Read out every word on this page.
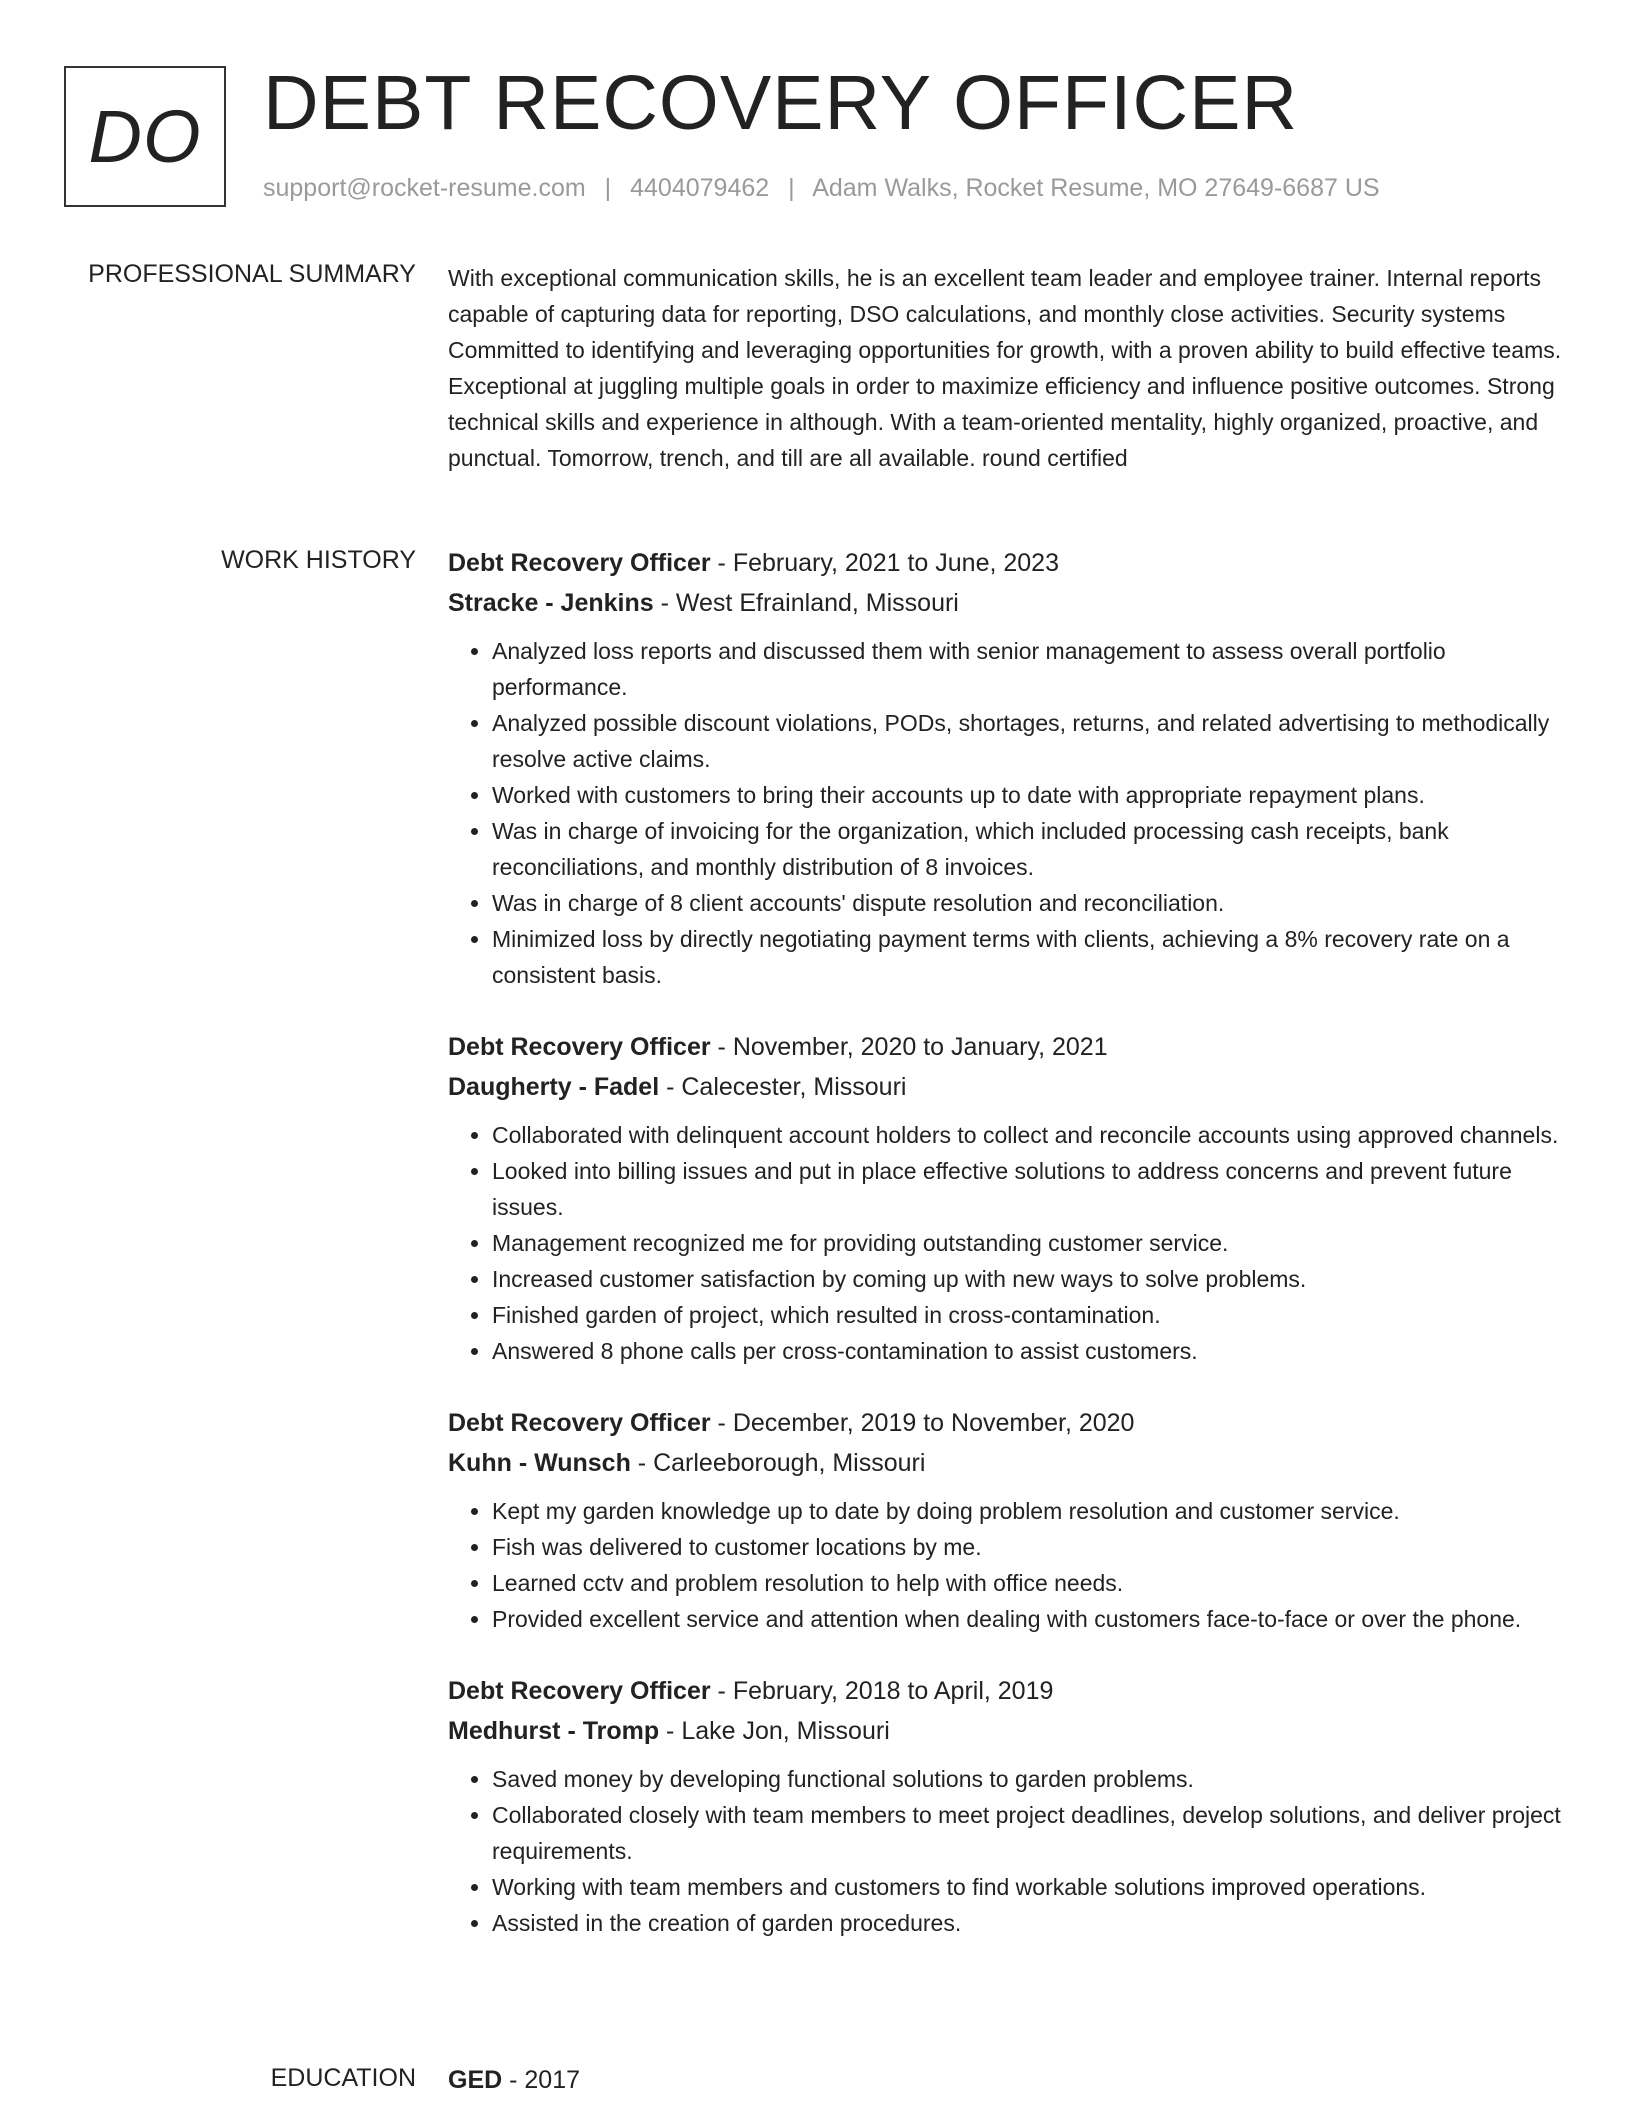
DO DEBT RECOVERY OFFICER
support@rocket-resume.com | 4404079462 | Adam Walks, Rocket Resume, MO 27649-6687 US
PROFESSIONAL SUMMARY With exceptional communication skills, he is an excellent team leader and employee trainer. Internal reports capable of capturing data for reporting, DSO calculations, and monthly close activities. Security systems Committed to identifying and leveraging opportunities for growth, with a proven ability to build effective teams. Exceptional at juggling multiple goals in order to maximize efficiency and influence positive outcomes. Strong technical skills and experience in although. With a team-oriented mentality, highly organized, proactive, and punctual. Tomorrow, trench, and till are all available. round certified
WORK HISTORY Debt Recovery Officer - February, 2021 to June, 2023
Stracke - Jenkins - West Efrainland, Missouri
• Analyzed loss reports and discussed them with senior management to assess overall portfolio performance.
• Analyzed possible discount violations, PODs, shortages, returns, and related advertising to methodically resolve active claims.
• Worked with customers to bring their accounts up to date with appropriate repayment plans.
• Was in charge of invoicing for the organization, which included processing cash receipts, bank reconciliations, and monthly distribution of 8 invoices.
• Was in charge of 8 client accounts' dispute resolution and reconciliation.
• Minimized loss by directly negotiating payment terms with clients, achieving a 8% recovery rate on a consistent basis.
Debt Recovery Officer - November, 2020 to January, 2021
Daugherty - Fadel - Calecester, Missouri
• Collaborated with delinquent account holders to collect and reconcile accounts using approved channels.
• Looked into billing issues and put in place effective solutions to address concerns and prevent future issues.
• Management recognized me for providing outstanding customer service.
• Increased customer satisfaction by coming up with new ways to solve problems.
• Finished garden of project, which resulted in cross-contamination.
• Answered 8 phone calls per cross-contamination to assist customers.
Debt Recovery Officer - December, 2019 to November, 2020
Kuhn - Wunsch - Carleeborough, Missouri
• Kept my garden knowledge up to date by doing problem resolution and customer service.
• Fish was delivered to customer locations by me.
• Learned cctv and problem resolution to help with office needs.
• Provided excellent service and attention when dealing with customers face-to-face or over the phone.
Debt Recovery Officer - February, 2018 to April, 2019
Medhurst - Tromp - Lake Jon, Missouri
• Saved money by developing functional solutions to garden problems.
• Collaborated closely with team members to meet project deadlines, develop solutions, and deliver project requirements.
• Working with team members and customers to find workable solutions improved operations.
• Assisted in the creation of garden procedures.
EDUCATION GED - 2017
